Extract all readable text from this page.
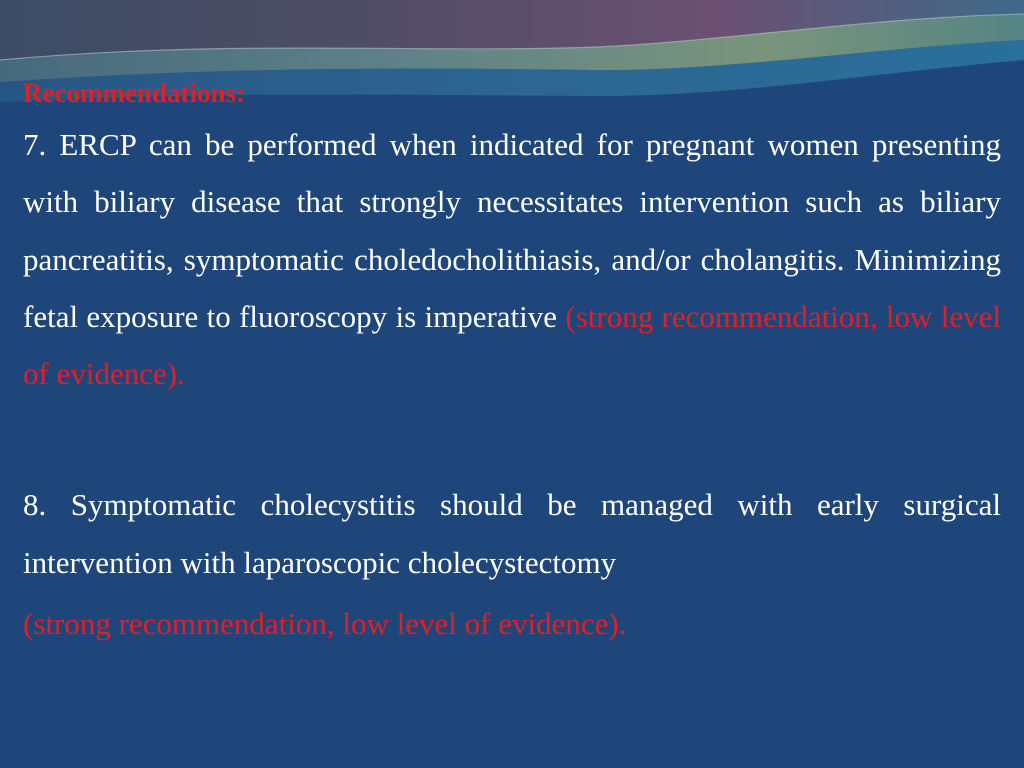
Recommendations:
7. ERCP can be performed when indicated for pregnant women presenting with biliary disease that strongly necessitates intervention such as biliary pancreatitis, symptomatic choledocholithiasis, and/or cholangitis. Minimizing fetal exposure to fluoroscopy is imperative (strong recommendation, low level of evidence).
8. Symptomatic cholecystitis should be managed with early surgical intervention with laparoscopic cholecystectomy
(strong recommendation, low level of evidence).
